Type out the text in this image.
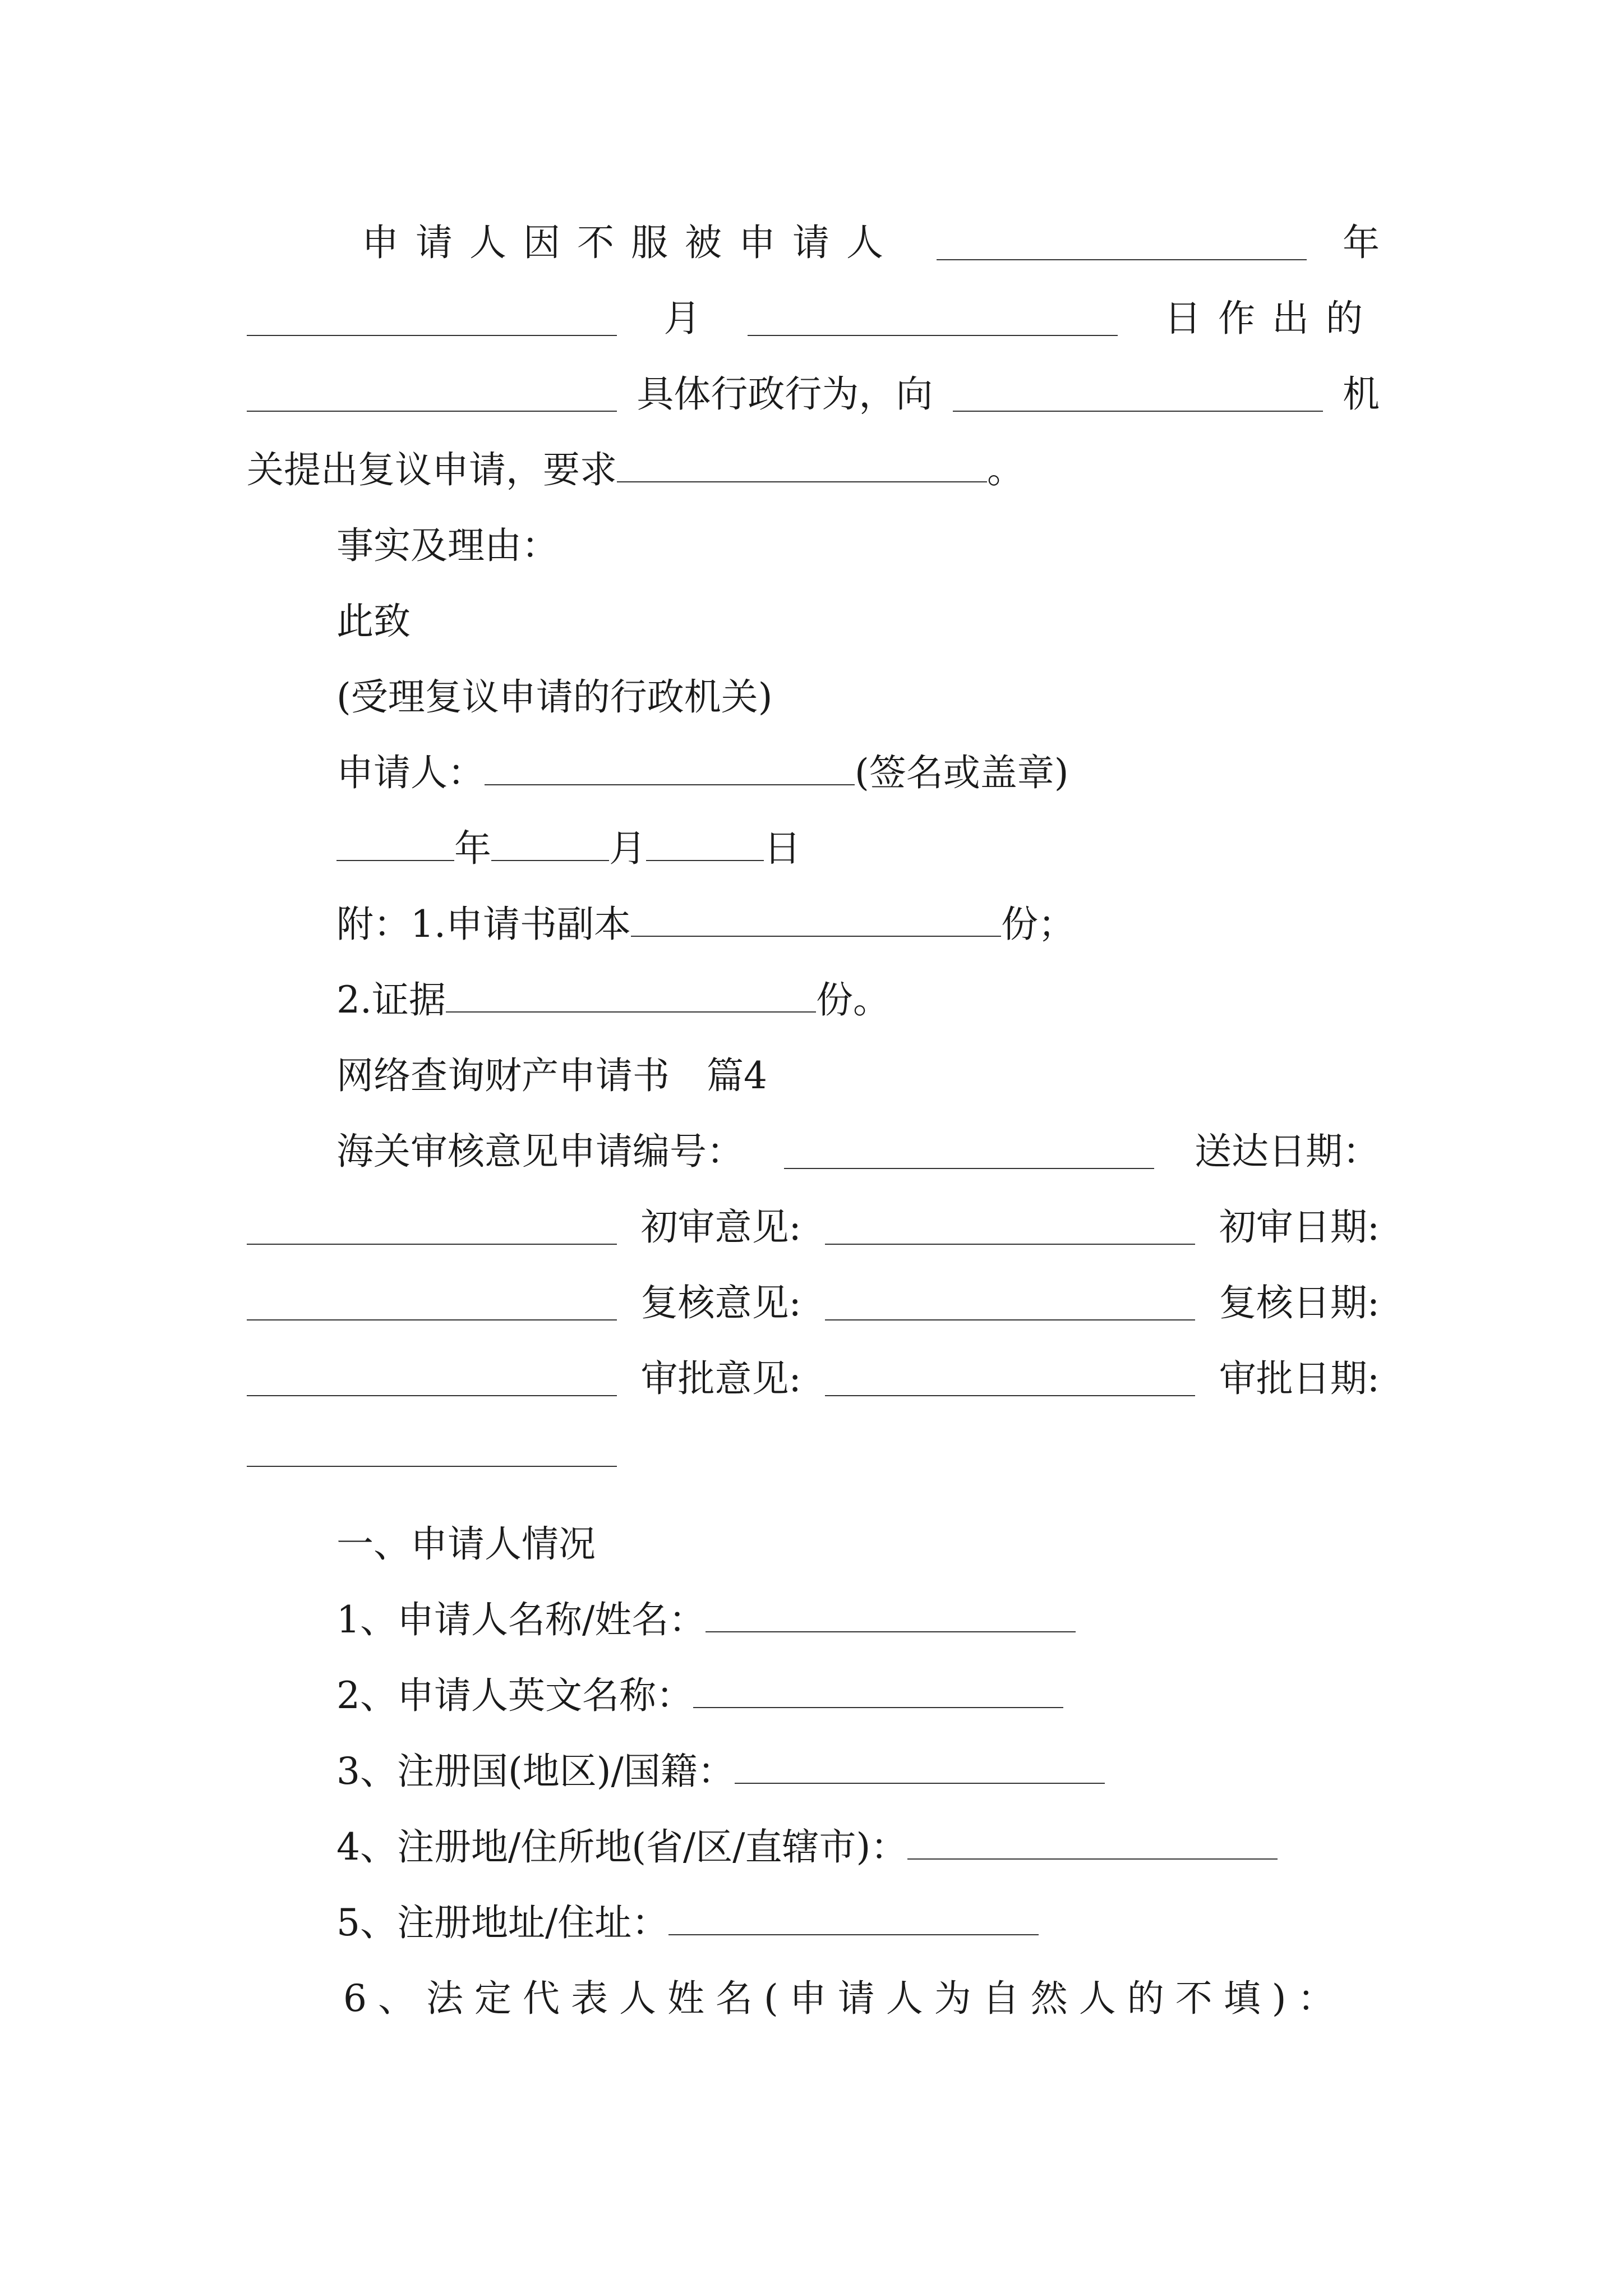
申请人因不服被申请人	年
月	日作出的
具体行政行为，向	机
关提出复议申请，要求	。
事实及理由：
此致
(受理复议申请的行政机关)
申请人：	(签名或盖章)
年	月	日
附：1.申请书副本	份；
2.证据	份。
网络查询财产申请书　篇4
海关审核意见申请编号：	送达日期：
初审意见:	初审日期:
复核意见:	复核日期:
审批意见:	审批日期:
一、申请人情况
1、申请人名称/姓名：
2、申请人英文名称：
3、注册国(地区)/国籍：
4、注册地/住所地(省/区/直辖市)：
5、注册地址/住址：
6、法定代表人姓名(申请人为自然人的不填)：
